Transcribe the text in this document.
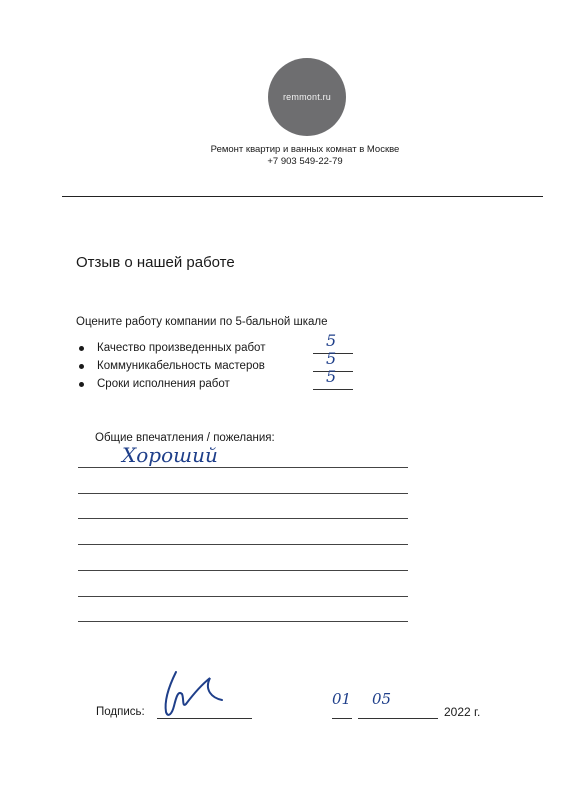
remmont.ru
Ремонт квартир и ванных комнат в Москве
+7 903 549-22-79
Отзыв о нашей работе
Оцените работу компании по 5-бальной шкале
Качество произведенных работ	5
Коммуникабельность мастеров	5
Сроки исполнения работ	5
Общие впечатления / пожелания:
Хороший
Подпись:
01 05
2022 г.
